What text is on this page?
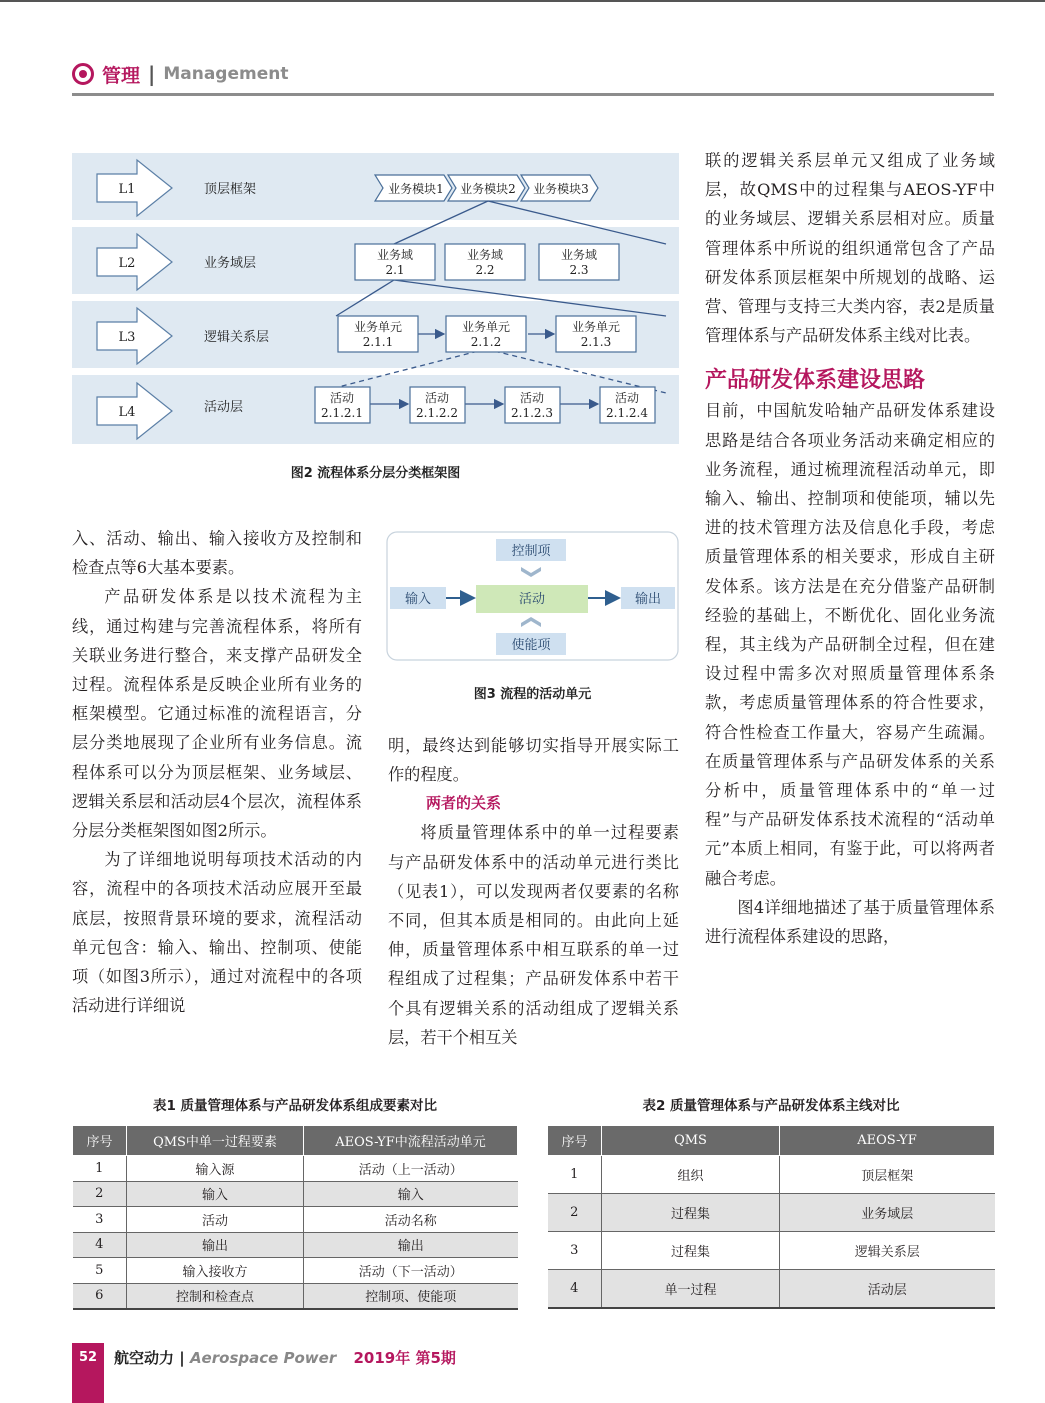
管理 | Management
L1
L2
L3
L4
顶层框架
业务域层
逻辑关系层
活动层
业务模块1 业务模块2 业务模块3
业务域
2.1
业务域
2.2
业务域
2.3
业务单元
2.1.1
业务单元
2.1.2
业务单元
2.1.3
活动
2.1.2.1
活动
2.1.2.2
活动
2.1.2.3
活动
2.1.2.4
图2 流程体系分层分类框架图

入、活动、输出、输入接收方及控制和检查点等6大基本要素。

产品研发体系是以技术流程为主线，通过构建与完善流程体系，将所有关联业务进行整合，来支撑产品研发全过程。流程体系是反映企业所有业务的框架模型。它通过标准的流程语言，分层分类地展现了企业所有业务信息。流程体系可以分为顶层框架、业务域层、逻辑关系层和活动层4个层次，流程体系分层分类框架图如图2所示。

为了详细地说明每项技术活动的内容，流程中的各项技术活动应展开至最底层，按照背景环境的要求，流程活动单元包含：输入、输出、控制项、使能项（如图3所示），通过对流程中的各项活动进行详细说

控制项
输入	活动	输出
使能项
图3 流程的活动单元

明，最终达到能够切实指导开展实际工作的程度。

两者的关系

将质量管理体系中的单一过程要素与产品研发体系中的活动单元进行类比（见表1），可以发现两者仅要素的名称不同，但其本质是相同的。由此向上延伸，质量管理体系中相互联系的单一过程组成了过程集；产品研发体系中若干个具有逻辑关系的活动组成了逻辑关系层，若干个相互关

联的逻辑关系层单元又组成了业务域层，故QMS中的过程集与AEOS-YF中的业务域层、逻辑关系层相对应。质量管理体系中所说的组织通常包含了产品研发体系顶层框架中所规划的战略、运营、管理与支持三大类内容，表2是质量管理体系与产品研发体系主线对比表。

产品研发体系建设思路

目前，中国航发哈轴产品研发体系建设思路是结合各项业务活动来确定相应的业务流程，通过梳理流程活动单元，即输入、输出、控制项和使能项，辅以先进的技术管理方法及信息化手段，考虑质量管理体系的相关要求，形成自主研发体系。该方法是在充分借鉴产品研制经验的基础上，不断优化、固化业务流程，其主线为产品研制全过程，但在建设过程中需多次对照质量管理体系条款，考虑质量管理体系的符合性要求，符合性检查工作量大，容易产生疏漏。在质量管理体系与产品研发体系的关系分析中，质量管理体系中的“单一过程”与产品研发体系技术流程的“活动单元”本质上相同，有鉴于此，可以将两者融合考虑。

图4详细地描述了基于质量管理体系进行流程体系建设的思路，

表1 质量管理体系与产品研发体系组成要素对比
序号	QMS中单一过程要素	AEOS-YF中流程活动单元
1	输入源	活动（上一活动）
2	输入	输入
3	活动	活动名称
4	输出	输出
5	输入接收方	活动（下一活动）
6	控制和检查点	控制项、使能项
表2 质量管理体系与产品研发体系主线对比
序号	QMS	AEOS-YF
1	组织	顶层框架
2	过程集	业务域层
3	过程集	逻辑关系层
4	单一过程	活动层
52	航空动力 | Aerospace Power 2019年 第5期
